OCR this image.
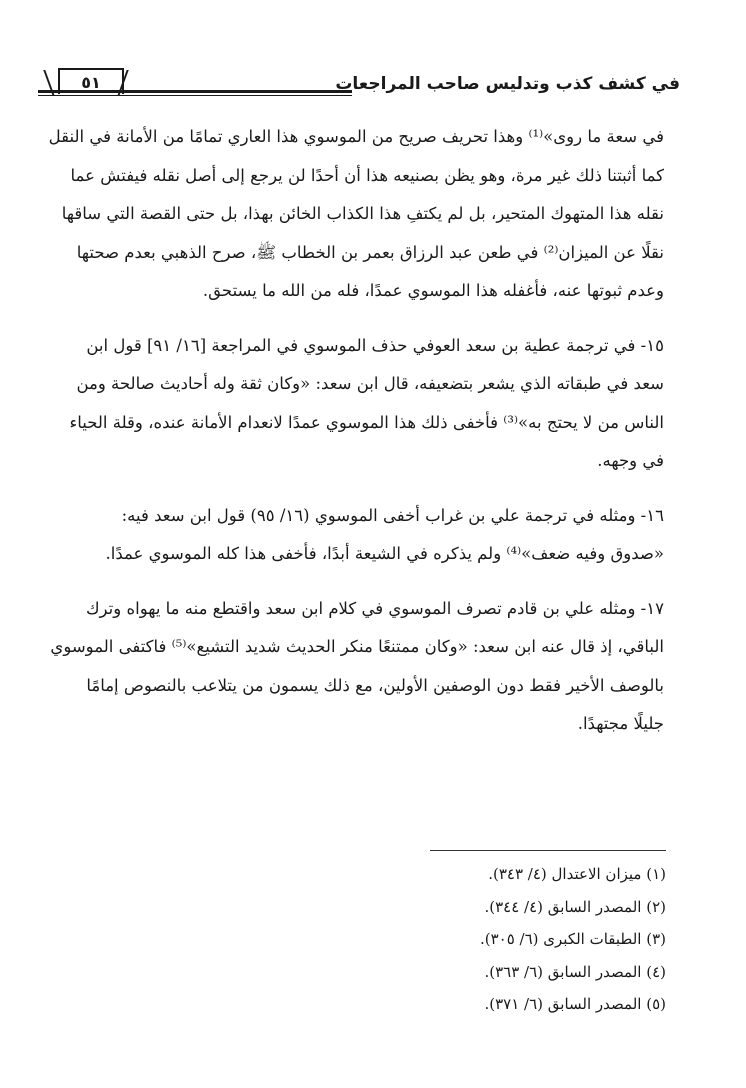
٥١	في كشف كذب وتدليس صاحب المراجعات

في سعة ما روى»⁽¹⁾ وهذا تحريف صريح من الموسوي هذا العاري تمامًا من الأمانة في النقل
كما أثبتنا ذلك غير مرة، وهو يظن بصنيعه هذا أن أحدًا لن يرجع إلى أصل نقله فيفتش عما
نقله هذا المتهوك المتحير، بل لم يكتفِ هذا الكذاب الخائن بهذا، بل حتى القصة التي ساقها
نقلًا عن الميزان⁽²⁾ في طعن عبد الرزاق بعمر بن الخطاب ﷺ، صرح الذهبي بعدم صحتها
وعدم ثبوتها عنه، فأغفله هذا الموسوي عمدًا، فله من الله ما يستحق.

١٥- في ترجمة عطية بن سعد العوفي حذف الموسوي في المراجعة [١٦/ ٩١] قول ابن
سعد في طبقاته الذي يشعر بتضعيفه، قال ابن سعد: «وكان ثقة وله أحاديث صالحة ومن
الناس من لا يحتج به»⁽³⁾ فأخفى ذلك هذا الموسوي عمدًا لانعدام الأمانة عنده، وقلة الحياء
في وجهه.

١٦- ومثله في ترجمة علي بن غراب أخفى الموسوي (١٦/ ٩٥) قول ابن سعد فيه:
«صدوق وفيه ضعف»⁽⁴⁾ ولم يذكره في الشيعة أبدًا، فأخفى هذا كله الموسوي عمدًا.

١٧- ومثله علي بن قادم تصرف الموسوي في كلام ابن سعد واقتطع منه ما يهواه وترك
الباقي، إذ قال عنه ابن سعد: «وكان ممتنعًا منكر الحديث شديد التشيع»⁽⁵⁾ فاكتفى الموسوي
بالوصف الأخير فقط دون الوصفين الأولين، مع ذلك يسمون من يتلاعب بالنصوص إمامًا
جليلًا مجتهدًا.

(١) ميزان الاعتدال (٤/ ٣٤٣).
(٢) المصدر السابق (٤/ ٣٤٤).
(٣) الطبقات الكبرى (٦/ ٣٠٥).
(٤) المصدر السابق (٦/ ٣٦٣).
(٥) المصدر السابق (٦/ ٣٧١).
